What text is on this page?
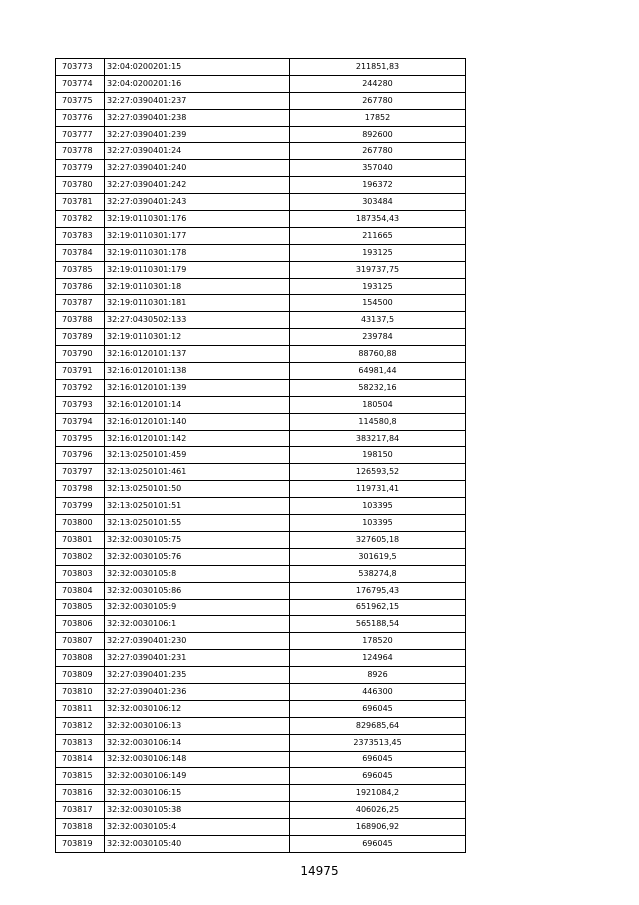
703773	32:04:0200201:15	211851,83
703774	32:04:0200201:16	244280
703775	32:27:0390401:237	267780
703776	32:27:0390401:238	17852
703777	32:27:0390401:239	892600
703778	32:27:0390401:24	267780
703779	32:27:0390401:240	357040
703780	32:27:0390401:242	196372
703781	32:27:0390401:243	303484
703782	32:19:0110301:176	187354,43
703783	32:19:0110301:177	211665
703784	32:19:0110301:178	193125
703785	32:19:0110301:179	319737,75
703786	32:19:0110301:18	193125
703787	32:19:0110301:181	154500
703788	32:27:0430502:133	43137,5
703789	32:19:0110301:12	239784
703790	32:16:0120101:137	88760,88
703791	32:16:0120101:138	64981,44
703792	32:16:0120101:139	58232,16
703793	32:16:0120101:14	180504
703794	32:16:0120101:140	114580,8
703795	32:16:0120101:142	383217,84
703796	32:13:0250101:459	198150
703797	32:13:0250101:461	126593,52
703798	32:13:0250101:50	119731,41
703799	32:13:0250101:51	103395
703800	32:13:0250101:55	103395
703801	32:32:0030105:75	327605,18
703802	32:32:0030105:76	301619,5
703803	32:32:0030105:8	538274,8
703804	32:32:0030105:86	176795,43
703805	32:32:0030105:9	651962,15
703806	32:32:0030106:1	565188,54
703807	32:27:0390401:230	178520
703808	32:27:0390401:231	124964
703809	32:27:0390401:235	8926
703810	32:27:0390401:236	446300
703811	32:32:0030106:12	696045
703812	32:32:0030106:13	829685,64
703813	32:32:0030106:14	2373513,45
703814	32:32:0030106:148	696045
703815	32:32:0030106:149	696045
703816	32:32:0030106:15	1921084,2
703817	32:32:0030105:38	406026,25
703818	32:32:0030105:4	168906,92
703819	32:32:0030105:40	696045
14975
